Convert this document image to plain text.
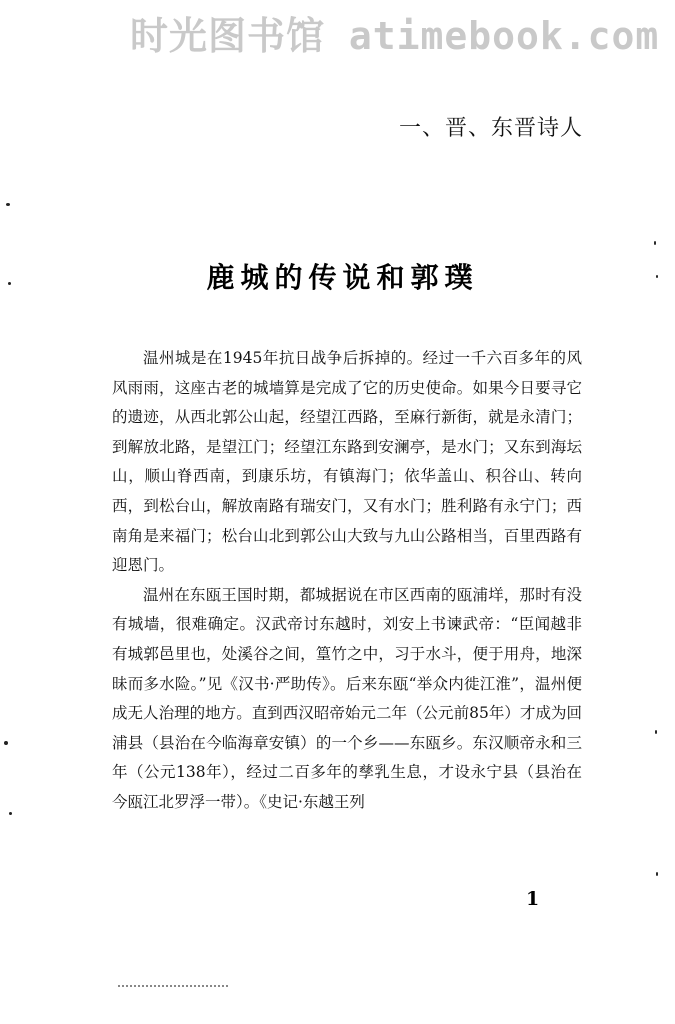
时光图书馆 atimebook.com
一、晋、东晋诗人
鹿城的传说和郭璞

温州城是在1945年抗日战争后拆掉的。经过一千六百多年的风风雨雨，这座古老的城墙算是完成了它的历史使命。如果今日要寻它的遗迹，从西北郭公山起，经望江西路，至麻行新街，就是永清门；到解放北路，是望江门；经望江东路到安澜亭，是水门；又东到海坛山，顺山脊西南，到康乐坊，有镇海门；依华盖山、积谷山、转向西，到松台山，解放南路有瑞安门，又有水门；胜利路有永宁门；西南角是来福门；松台山北到郭公山大致与九山公路相当，百里西路有迎恩门。

温州在东瓯王国时期，都城据说在市区西南的瓯浦垟，那时有没有城墙，很难确定。汉武帝讨东越时，刘安上书谏武帝：“臣闻越非有城郭邑里也，处溪谷之间，篁竹之中，习于水斗，便于用舟，地深昧而多水险。”见《汉书·严助传》。后来东瓯“举众内徙江淮”，温州便成无人治理的地方。直到西汉昭帝始元二年（公元前85年）才成为回浦县（县治在今临海章安镇）的一个乡——东瓯乡。东汉顺帝永和三年（公元138年），经过二百多年的孳乳生息，才设永宁县（县治在今瓯江北罗浮一带）。《史记·东越王列

1
